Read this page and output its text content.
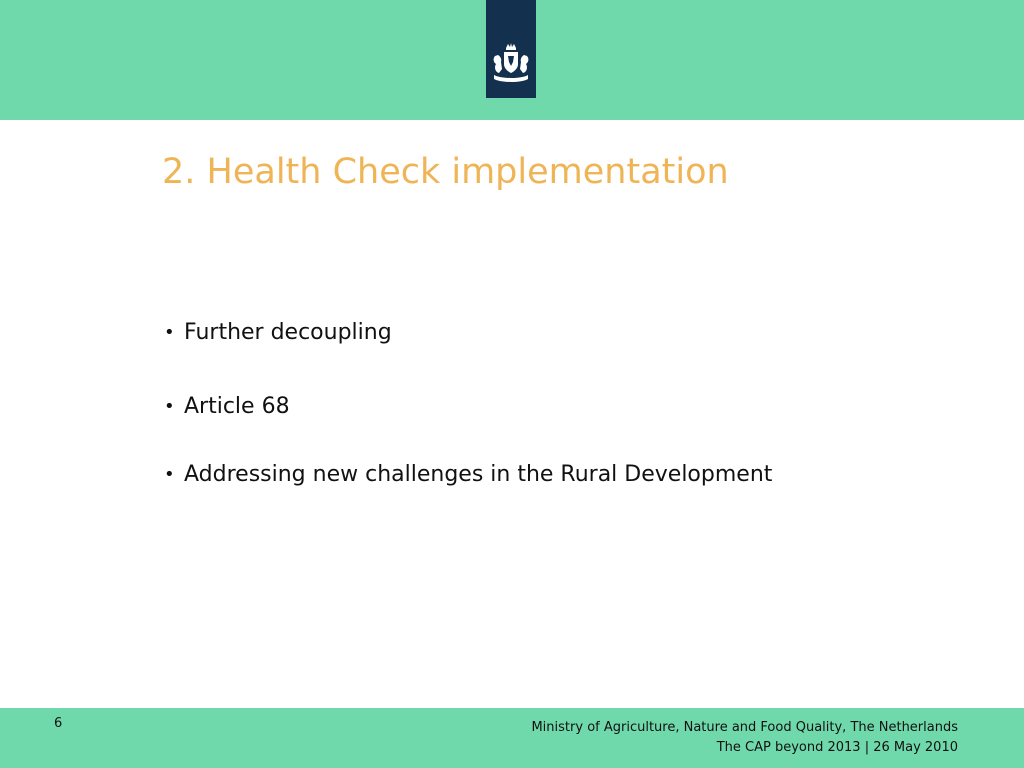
2. Health Check implementation
• Further decoupling
• Article 68
• Addressing new challenges in the Rural Development
6	Ministry of Agriculture, Nature and Food Quality, The Netherlands
The CAP beyond 2013 | 26 May 2010
